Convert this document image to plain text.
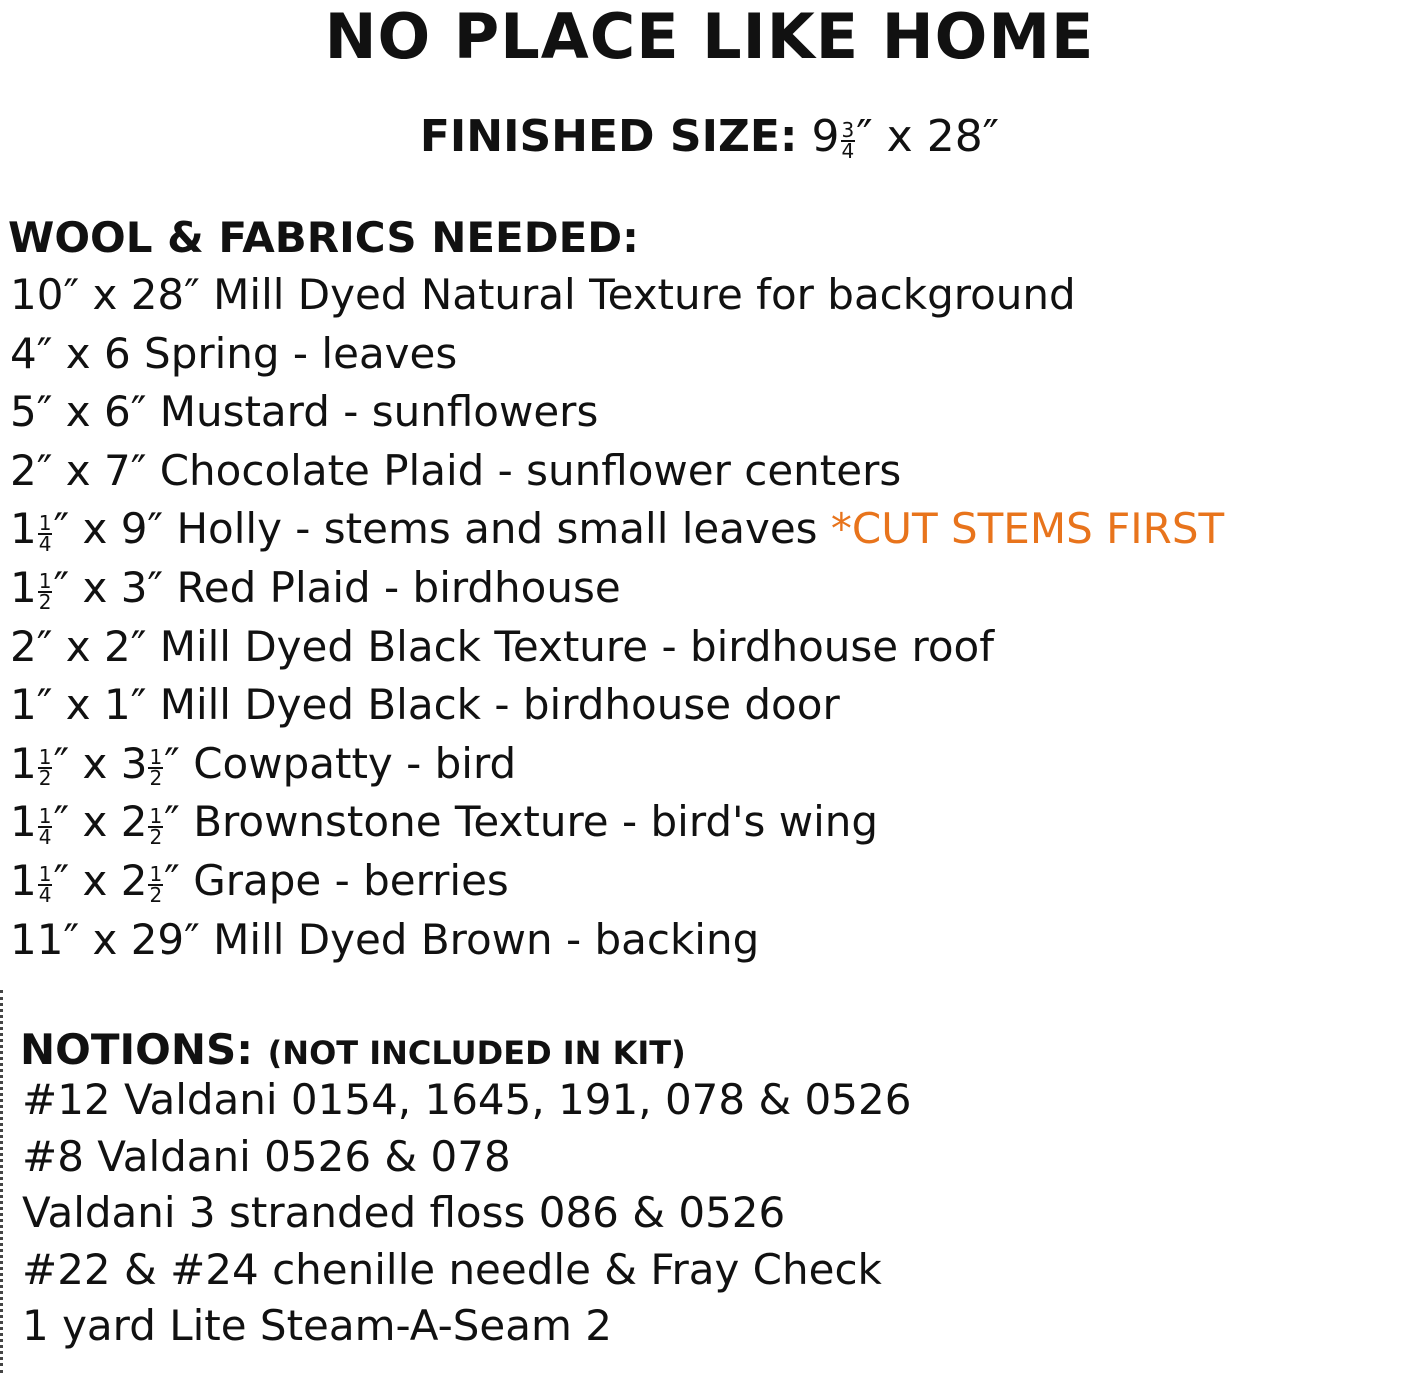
NO PLACE LIKE HOME
FINISHED SIZE: $9 \frac{3}{4}$ ″ x 28″
WOOL & FABRICS NEEDED:
10″ x 28″ Mill Dyed Natural Texture for background
4″ x 6 Spring - leaves
5″ x 6″ Mustard - sunflowers
2″ x 7″ Chocolate Plaid - sunflower centers
$1 \frac{1}{4}$ ″ x 9″ Holly - stems and small leaves *CUT STEMS FIRST
$1 \frac{1}{2}$ ″ x 3″ Red Plaid - birdhouse
2″ x 2″ Mill Dyed Black Texture - birdhouse roof
1″ x 1″ Mill Dyed Black - birdhouse door
$1 \frac{1}{2}$ ″ x $3 \frac{1}{2}$ ″ Cowpatty - bird
$1 \frac{1}{4}$ ″ x $2 \frac{1}{2}$ ″ Brownstone Texture - bird's wing
$1 \frac{1}{4}$ ″ x $2 \frac{1}{2}$ ″ Grape - berries
11″ x 29″ Mill Dyed Brown - backing
NOTIONS: (NOT INCLUDED IN KIT)
#12 Valdani 0154, 1645, 191, 078 & 0526
#8 Valdani 0526 & 078
Valdani 3 stranded floss 086 & 0526
#22 & #24 chenille needle & Fray Check
1 yard Lite Steam-A-Seam 2
